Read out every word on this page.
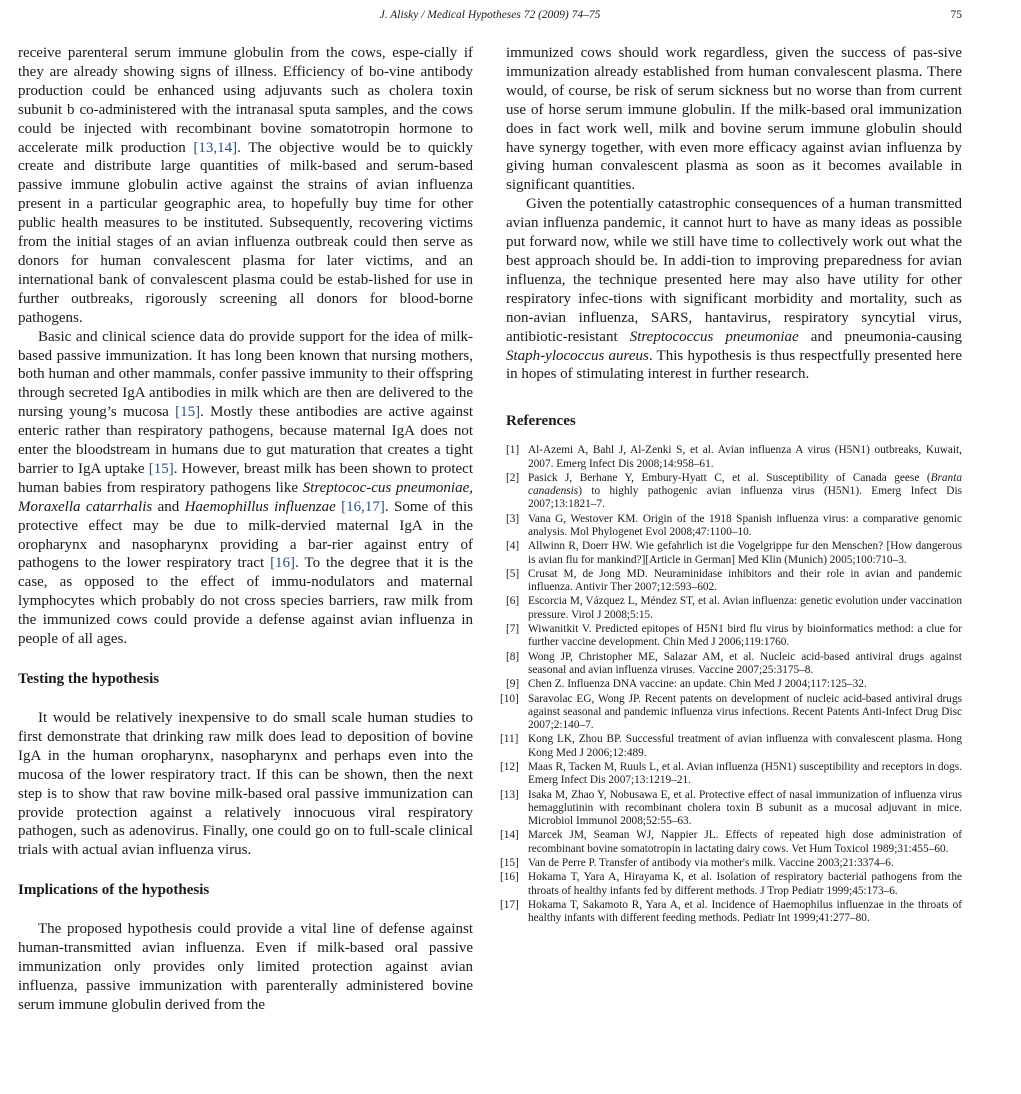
J. Alisky / Medical Hypotheses 72 (2009) 74–75	75

receive parenteral serum immune globulin from the cows, espe-cially if they are already showing signs of illness. Efficiency of bo-vine antibody production could be enhanced using adjuvants such as cholera toxin subunit b co-administered with the intranasal sputa samples, and the cows could be injected with recombinant bovine somatotropin hormone to accelerate milk production [13,14]. The objective would be to quickly create and distribute large quantities of milk-based and serum-based passive immune globulin active against the strains of avian influenza present in a particular geographic area, to hopefully buy time for other public health measures to be instituted. Subsequently, recovering victims from the initial stages of an avian influenza outbreak could then serve as donors for human convalescent plasma for later victims, and an international bank of convalescent plasma could be estab-lished for use in further outbreaks, rigorously screening all donors for blood-borne pathogens.

Basic and clinical science data do provide support for the idea of milk-based passive immunization. It has long been known that nursing mothers, both human and other mammals, confer passive immunity to their offspring through secreted IgA antibodies in milk which are then are delivered to the nursing young’s mucosa [15]. Mostly these antibodies are active against enteric rather than respiratory pathogens, because maternal IgA does not enter the bloodstream in humans due to gut maturation that creates a tight barrier to IgA uptake [15]. However, breast milk has been shown to protect human babies from respiratory pathogens like Streptococ-cus pneumoniae, Moraxella catarrhalis and Haemophillus influenzae [16,17]. Some of this protective effect may be due to milk-dervied maternal IgA in the oropharynx and nasopharynx providing a bar-rier against entry of pathogens to the lower respiratory tract [16]. To the degree that it is the case, as opposed to the effect of immu-nodulators and maternal lymphocytes which probably do not cross species barriers, raw milk from the immunized cows could provide a defense against avian influenza in people of all ages.

Testing the hypothesis

It would be relatively inexpensive to do small scale human studies to first demonstrate that drinking raw milk does lead to deposition of bovine IgA in the human oropharynx, nasopharynx and perhaps even into the mucosa of the lower respiratory tract. If this can be shown, then the next step is to show that raw bovine milk-based oral passive immunization can provide protection against a relatively innocuous viral respiratory pathogen, such as adenovirus. Finally, one could go on to full-scale clinical trials with actual avian influenza virus.

Implications of the hypothesis

The proposed hypothesis could provide a vital line of defense against human-transmitted avian influenza. Even if milk-based oral passive immunization only provides only limited protection against avian influenza, passive immunization with parenterally administered bovine serum immune globulin derived from the

immunized cows should work regardless, given the success of pas-sive immunization already established from human convalescent plasma. There would, of course, be risk of serum sickness but no worse than from current use of horse serum immune globulin. If the milk-based oral immunization does in fact work well, milk and bovine serum immune globulin should have synergy together, with even more efficacy against avian influenza by giving human convalescent plasma as soon as it becomes available in significant quantities.

Given the potentially catastrophic consequences of a human transmitted avian influenza pandemic, it cannot hurt to have as many ideas as possible put forward now, while we still have time to collectively work out what the best approach should be. In addi-tion to improving preparedness for avian influenza, the technique presented here may also have utility for other respiratory infec-tions with significant morbidity and mortality, such as non-avian influenza, SARS, hantavirus, respiratory syncytial virus, antibiotic-resistant Streptococcus pneumoniae and pneumonia-causing Staph-ylococcus aureus. This hypothesis is thus respectfully presented here in hopes of stimulating interest in further research.

References
[1] Al-Azemi A, Bahl J, Al-Zenki S, et al. Avian influenza A virus (H5N1) outbreaks, Kuwait, 2007. Emerg Infect Dis 2008;14:958–61.
[2] Pasick J, Berhane Y, Embury-Hyatt C, et al. Susceptibility of Canada geese (Branta canadensis) to highly pathogenic avian influenza virus (H5N1). Emerg Infect Dis 2007;13:1821–7.
[3] Vana G, Westover KM. Origin of the 1918 Spanish influenza virus: a comparative genomic analysis. Mol Phylogenet Evol 2008;47:1100–10.
[4] Allwinn R, Doerr HW. Wie gefahrlich ist die Vogelgrippe fur den Menschen? [How dangerous is avian flu for mankind?][Article in German] Med Klin (Munich) 2005;100:710–3.
[5] Crusat M, de Jong MD. Neuraminidase inhibitors and their role in avian and pandemic influenza. Antivir Ther 2007;12:593–602.
[6] Escorcia M, Vázquez L, Méndez ST, et al. Avian influenza: genetic evolution under vaccination pressure. Virol J 2008;5:15.
[7] Wiwanitkit V. Predicted epitopes of H5N1 bird flu virus by bioinformatics method: a clue for further vaccine development. Chin Med J 2006;119:1760.
[8] Wong JP, Christopher ME, Salazar AM, et al. Nucleic acid-based antiviral drugs against seasonal and avian influenza viruses. Vaccine 2007;25:3175–8.
[9] Chen Z. Influenza DNA vaccine: an update. Chin Med J 2004;117:125–32.
[10] Saravolac EG, Wong JP. Recent patents on development of nucleic acid-based antiviral drugs against seasonal and pandemic influenza virus infections. Recent Patents Anti-Infect Drug Disc 2007;2:140–7.
[11] Kong LK, Zhou BP. Successful treatment of avian influenza with convalescent plasma. Hong Kong Med J 2006;12:489.
[12] Maas R, Tacken M, Ruuls L, et al. Avian influenza (H5N1) susceptibility and receptors in dogs. Emerg Infect Dis 2007;13:1219–21.
[13] Isaka M, Zhao Y, Nobusawa E, et al. Protective effect of nasal immunization of influenza virus hemagglutinin with recombinant cholera toxin B subunit as a mucosal adjuvant in mice. Microbiol Immunol 2008;52:55–63.
[14] Marcek JM, Seaman WJ, Nappier JL. Effects of repeated high dose administration of recombinant bovine somatotropin in lactating dairy cows. Vet Hum Toxicol 1989;31:455–60.
[15] Van de Perre P. Transfer of antibody via mother's milk. Vaccine 2003;21:3374–6.
[16] Hokama T, Yara A, Hirayama K, et al. Isolation of respiratory bacterial pathogens from the throats of healthy infants fed by different methods. J Trop Pediatr 1999;45:173–6.
[17] Hokama T, Sakamoto R, Yara A, et al. Incidence of Haemophilus influenzae in the throats of healthy infants with different feeding methods. Pediatr Int 1999;41:277–80.
